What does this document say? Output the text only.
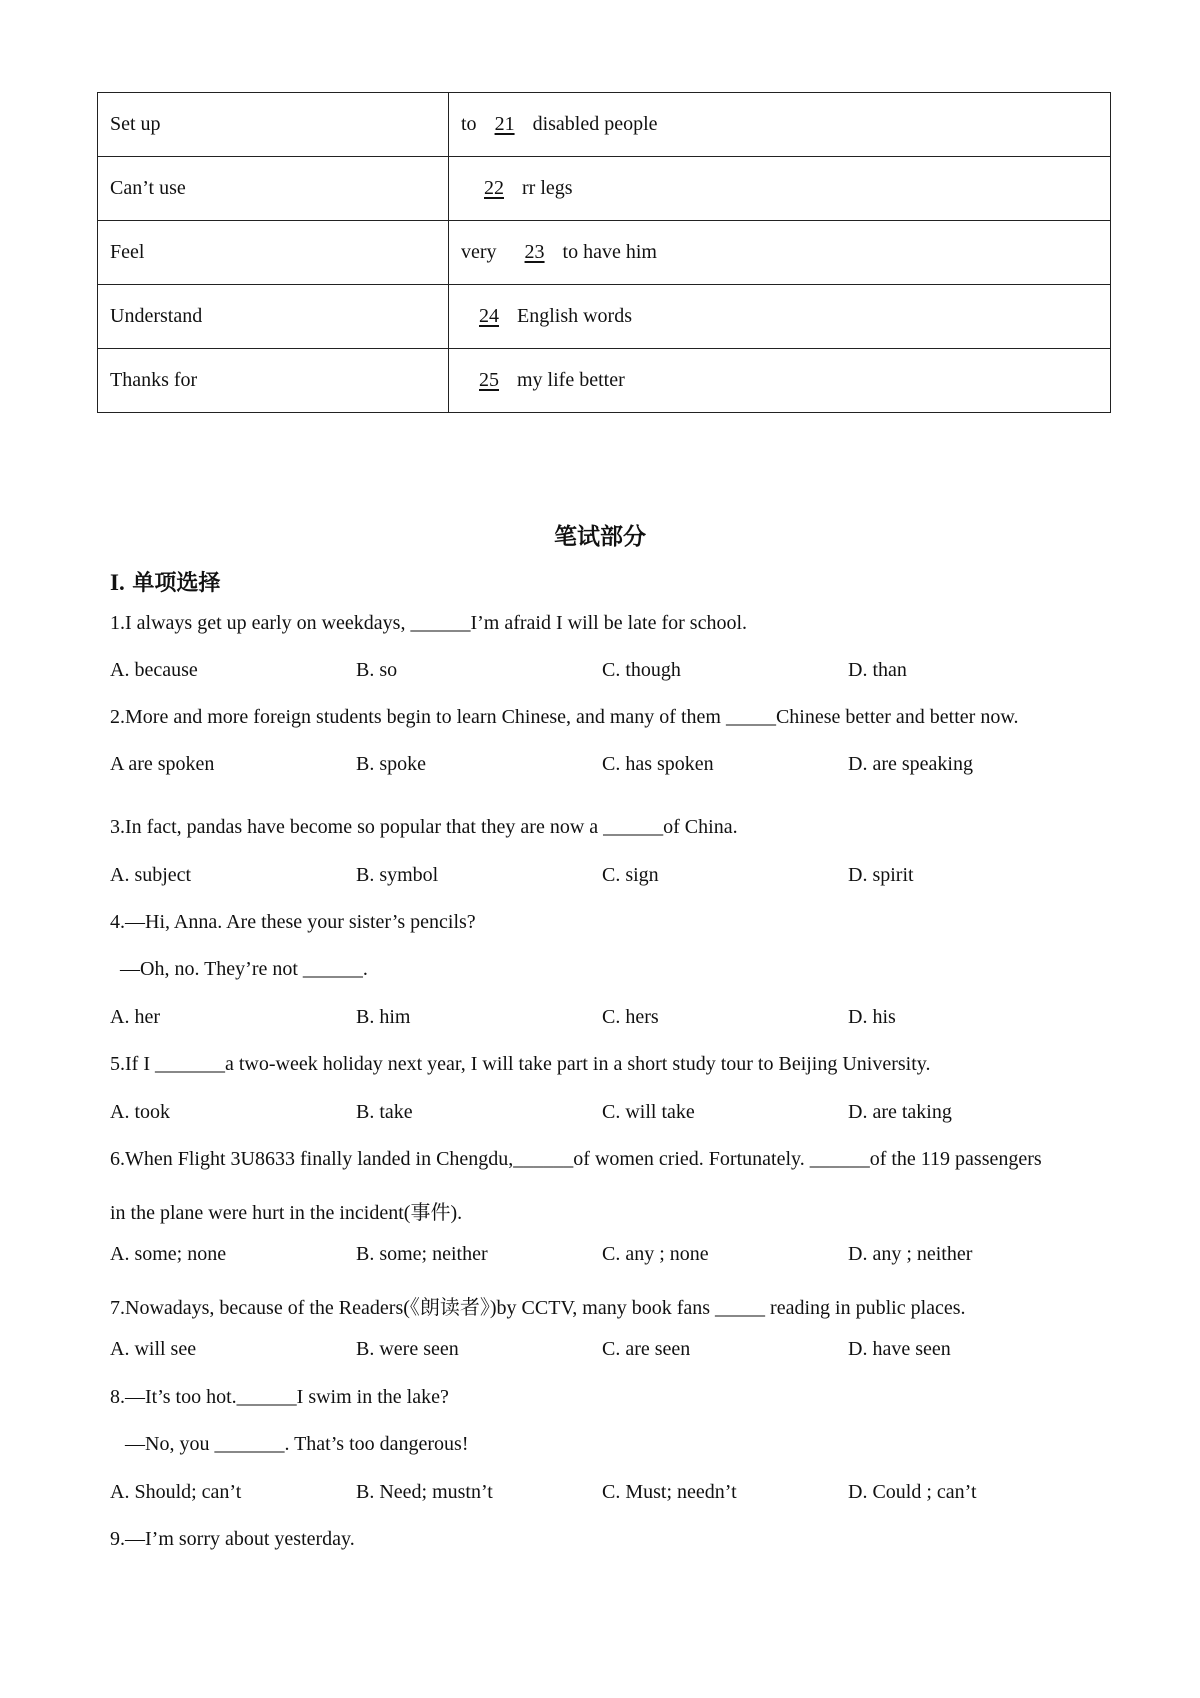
Set up	to 21 disabled people
Can’t use	22 rr legs
Feel	very  23 to have him
Understand	24 English words
Thanks for	25 my life better
笔试部分
I. 单项选择
1.I always get up early on weekdays, ______I’m afraid I will be late for school.
A. because	B. so	C. though	D. than
2.More and more foreign students begin to learn Chinese, and many of them _____Chinese better and better now.
A are spoken	B. spoke	C. has spoken	D. are speaking
3.In fact, pandas have become so popular that they are now a ______of China.
A. subject	B. symbol	C. sign	D. spirit
4.—Hi, Anna. Are these your sister’s pencils?
—Oh, no. They’re not ______.
A. her	B. him	C. hers	D. his
5.If I _______a two-week holiday next year, I will take part in a short study tour to Beijing University.
A. took	B. take	C. will take	D. are taking
6.When Flight 3U8633 finally landed in Chengdu,______of women cried. Fortunately. ______of the 119 passengers
in the plane were hurt in the incident(事件).
A. some; none	B. some; neither	C. any ; none	D. any ; neither
7.Nowadays, because of the Readers(《朗读者》)by CCTV, many book fans _____ reading in public places.
A. will see	B. were seen	C. are seen	D. have seen
8.—It’s too hot.______I swim in the lake?
—No, you _______. That’s too dangerous!
A. Should; can’t	B. Need; mustn’t	C. Must; needn’t	D. Could ; can’t
9.—I’m sorry about yesterday.
